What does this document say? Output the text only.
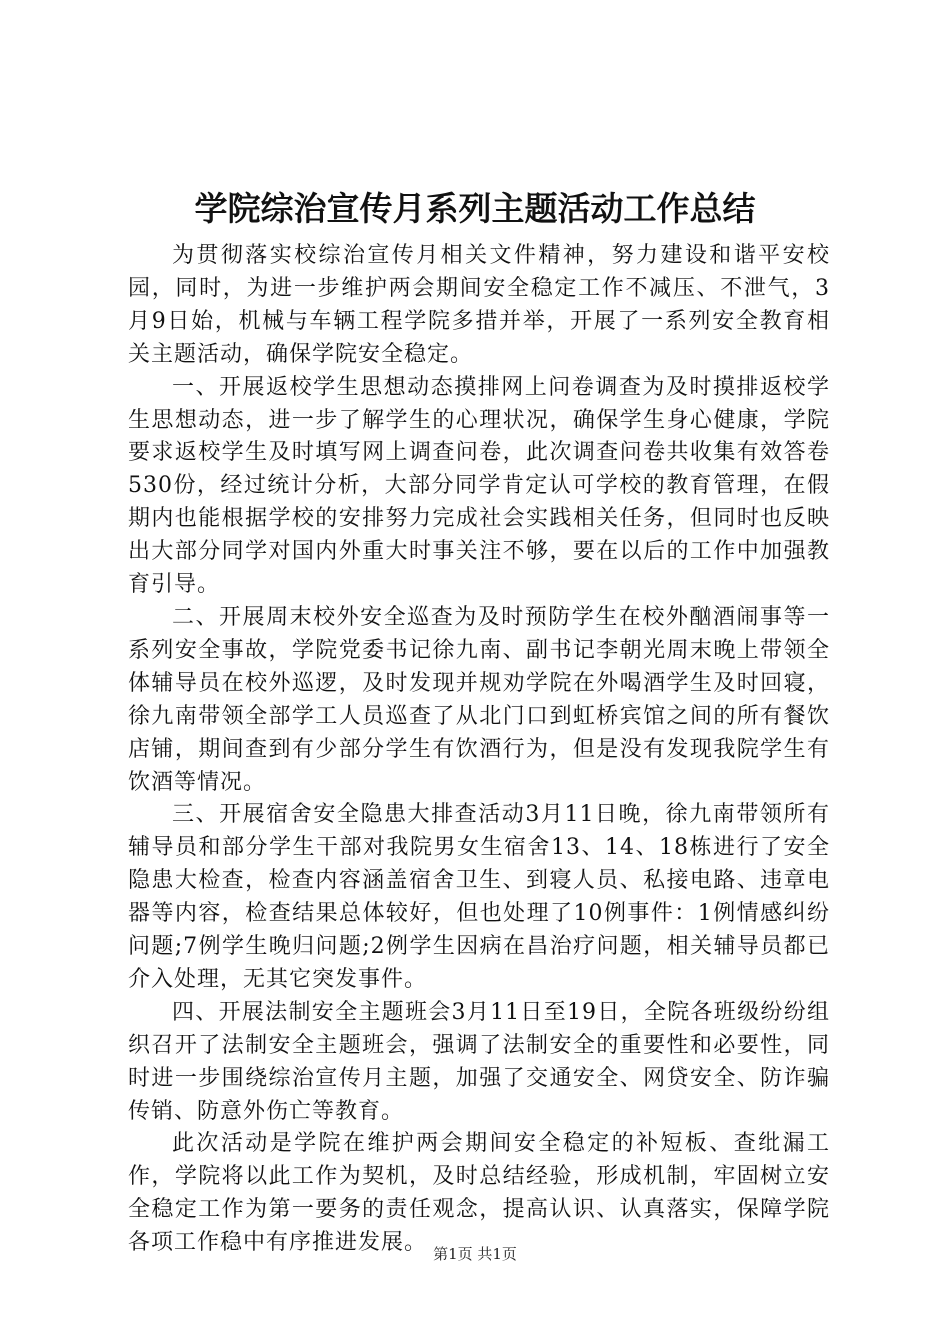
学院综治宣传月系列主题活动工作总结

为贯彻落实校综治宣传月相关文件精神，努力建设和谐平安校园，同时，为进一步维护两会期间安全稳定工作不减压、不泄气，3月9日始，机械与车辆工程学院多措并举，开展了一系列安全教育相关主题活动，确保学院安全稳定。

一、开展返校学生思想动态摸排网上问卷调查为及时摸排返校学生思想动态，进一步了解学生的心理状况，确保学生身心健康，学院要求返校学生及时填写网上调查问卷，此次调查问卷共收集有效答卷530份，经过统计分析，大部分同学肯定认可学校的教育管理，在假期内也能根据学校的安排努力完成社会实践相关任务，但同时也反映出大部分同学对国内外重大时事关注不够，要在以后的工作中加强教育引导。

二、开展周末校外安全巡查为及时预防学生在校外酗酒闹事等一系列安全事故，学院党委书记徐九南、副书记李朝光周末晚上带领全体辅导员在校外巡逻，及时发现并规劝学院在外喝酒学生及时回寝，徐九南带领全部学工人员巡查了从北门口到虹桥宾馆之间的所有餐饮店铺，期间查到有少部分学生有饮酒行为，但是没有发现我院学生有饮酒等情况。

三、开展宿舍安全隐患大排查活动3月11日晚，徐九南带领所有辅导员和部分学生干部对我院男女生宿舍13、14、18栋进行了安全隐患大检查，检查内容涵盖宿舍卫生、到寝人员、私接电路、违章电器等内容，检查结果总体较好，但也处理了10例事件：1例情感纠纷问题;7例学生晚归问题;2例学生因病在昌治疗问题，相关辅导员都已介入处理，无其它突发事件。

四、开展法制安全主题班会3月11日至19日，全院各班级纷纷组织召开了法制安全主题班会，强调了法制安全的重要性和必要性，同时进一步围绕综治宣传月主题，加强了交通安全、网贷安全、防诈骗传销、防意外伤亡等教育。

此次活动是学院在维护两会期间安全稳定的补短板、查纰漏工作，学院将以此工作为契机，及时总结经验，形成机制，牢固树立安全稳定工作为第一要务的责任观念，提高认识、认真落实，保障学院各项工作稳中有序推进发展。 第1页 共1页
